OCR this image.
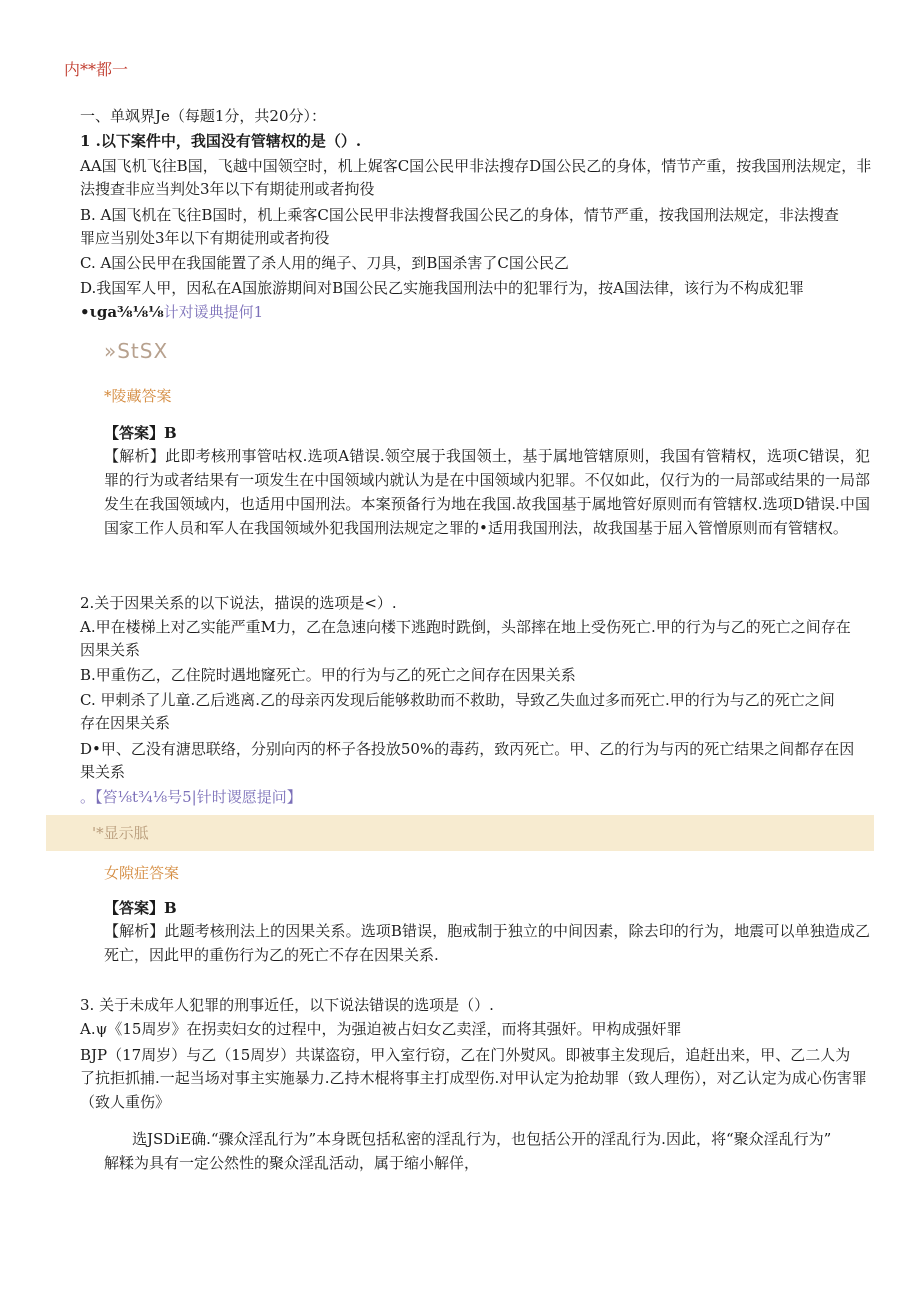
内**都一
一、单飒界Je（每题1分，共20分）：
1 .以下案件中，我国没有管辖权的是（）.
AA国飞机飞往B国，飞越中国领空时，机上娓客C国公民甲非法搜存D国公民乙的身体，情节产重，按我国刑法规定，非
法搜查非应当判处3年以下有期徒刑或者拘役
B. A国飞机在飞往B国时，机上乘客C国公民甲非法搜督我国公民乙的身体，情节严重，按我国刑法规定，非法搜查
罪应当别处3年以下有期徒刑或者拘役
C. A国公民甲在我国能置了杀人用的绳子、刀具，到B国杀害了C国公民乙
D.我国军人甲，因私在A国旅游期间对B国公民乙实施我国刑法中的犯罪行为，按A国法律，该行为不构成犯罪
•ιga⅜⅛⅛计对谖典提何1
»StSX
*陵藏答案
【答案】B
【解析】此即考核刑事管咕权.选项A错误.领空展于我国领土，基于属地管辖原则，我国有管精权，选项C错误，犯罪的行为或者结果有一项发生在中国领域内就认为是在中国领域内犯罪。不仅如此，仅行为的一局部或结果的一局部发生在我国领域内，也适用中国刑法。本案预备行为地在我国.故我国基于属地管好原则而有管辖权.选项D错误.中国国家工作人员和军人在我国领域外犯我国刑法规定之罪的•适用我国刑法，故我国基于屈入管憎原则而有管辖权。
2.关于因果关系的以下说法，描误的选项是<）.
A.甲在楼梯上对乙实能严重M力，乙在急速向楼下逃跑时跣倒，头部摔在地上受伤死亡.甲的行为与乙的死亡之间存在
因果关系
B.甲重伤乙，乙住院时遇地窿死亡。甲的行为与乙的死亡之间存在因果关系
C. 甲剌杀了儿童.乙后逃离.乙的母亲丙发现后能够救助而不救助，导致乙失血过多而死亡.甲的行为与乙的死亡之间
存在因果关系
D•甲、乙没有溏思联络，分别向丙的杯子各投放50%的毒药，致丙死亡。甲、乙的行为与丙的死亡结果之间都存在因
果关系
。【笞⅛t¾⅛号5|针时谡愿提问】
'*显示胝
女隙症答案
【答案】B
【解析】此题考核刑法上的因果关系。选项B错误，胞戒制于独立的中间因素，除去印的行为，地震可以单独造成乙死亡，因此甲的重伤行为乙的死亡不存在因果关系.
3. 关于未成年人犯罪的刑事近任，以下说法错误的选项是（）.
A.ψ《15周岁》在拐卖妇女的过程中，为强迫被占妇女乙卖淫，而将其强奸。甲构成强奸罪
BJP（17周岁）与乙（15周岁）共谋盗窃，甲入室行窃，乙在门外熨风。即被事主发现后，追赶出来，甲、乙二人为
了抗拒抓捕.一起当场对事主实施暴力.乙持木棍将事主打成型伤.对甲认定为抢劫罪（致人理伤），对乙认定为成心伤害罪
（致人重伤》
选JSDiE确.“骤众淫乱行为”本身既包括私密的淫乱行为，也包括公开的淫乱行为.因此，将“聚众淫乱行为”
解糅为具有一定公然性的聚众淫乱活动，属于缩小解佯，
